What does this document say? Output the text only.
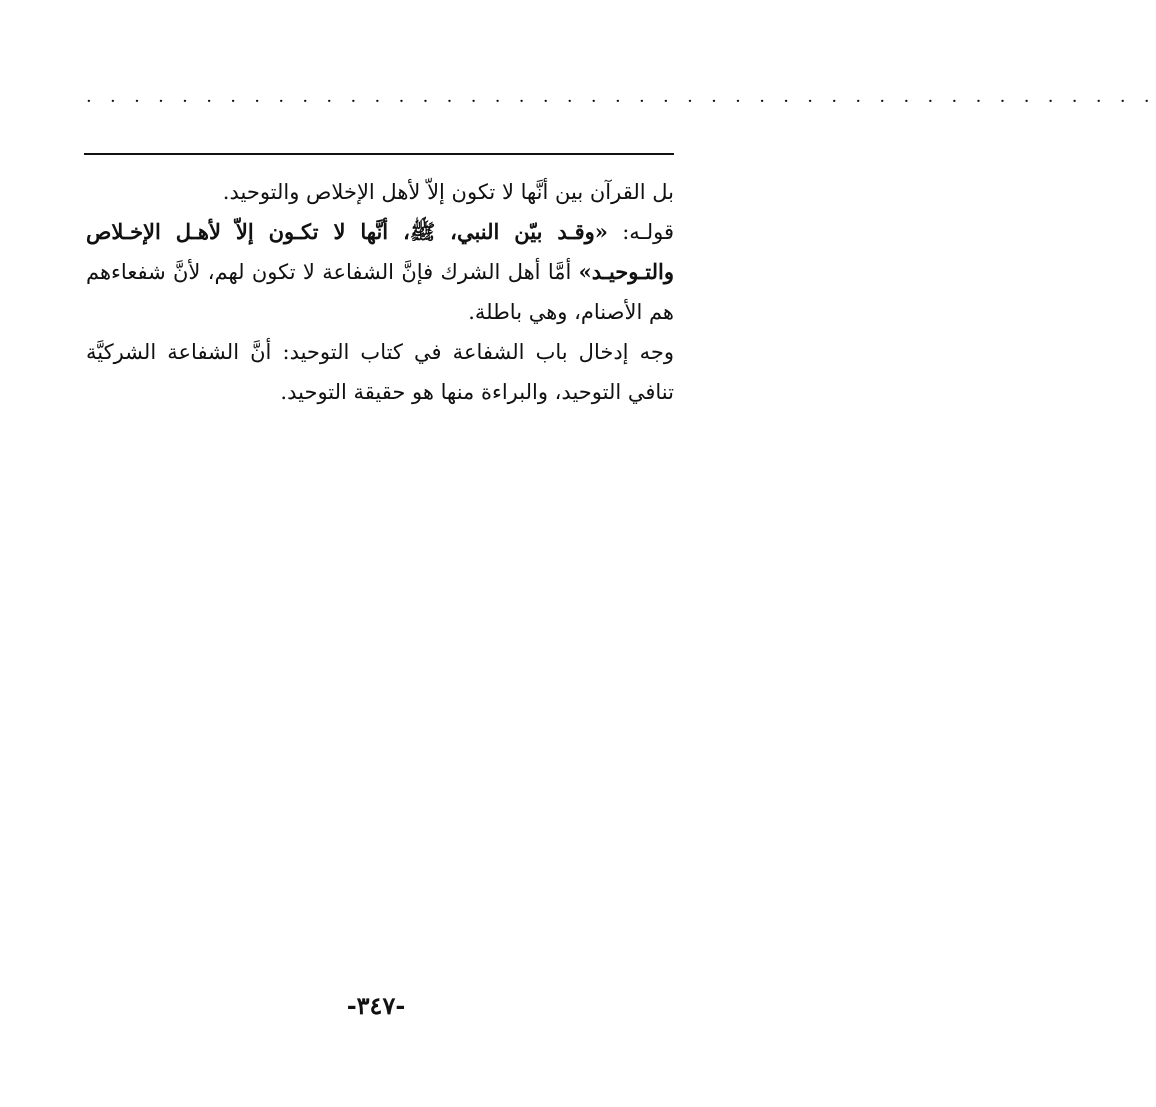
· · · · · · · · · · · · · · · · · · · · · · · · · · · · · · · · · · · · · · · · · · · · ·

بل القرآن بين أنَّها لا تكون إلاّ لأهل الإخلاص والتوحيد.

قولـه: «وقـد بيّن النبي، ﷺ، أنَّها لا تكـون إلاّ لأهـل الإخـلاص والتـوحيـد» أمَّا أهل الشرك فإنَّ الشفاعة لا تكون لهم، لأنَّ شفعاءهم هم الأصنام، وهي باطلة.

وجه إدخال باب الشفاعة في كتاب التوحيد: أنَّ الشفاعة الشركيَّة تنافي التوحيد، والبراءة منها هو حقيقة التوحيد.

-٣٤٧-
